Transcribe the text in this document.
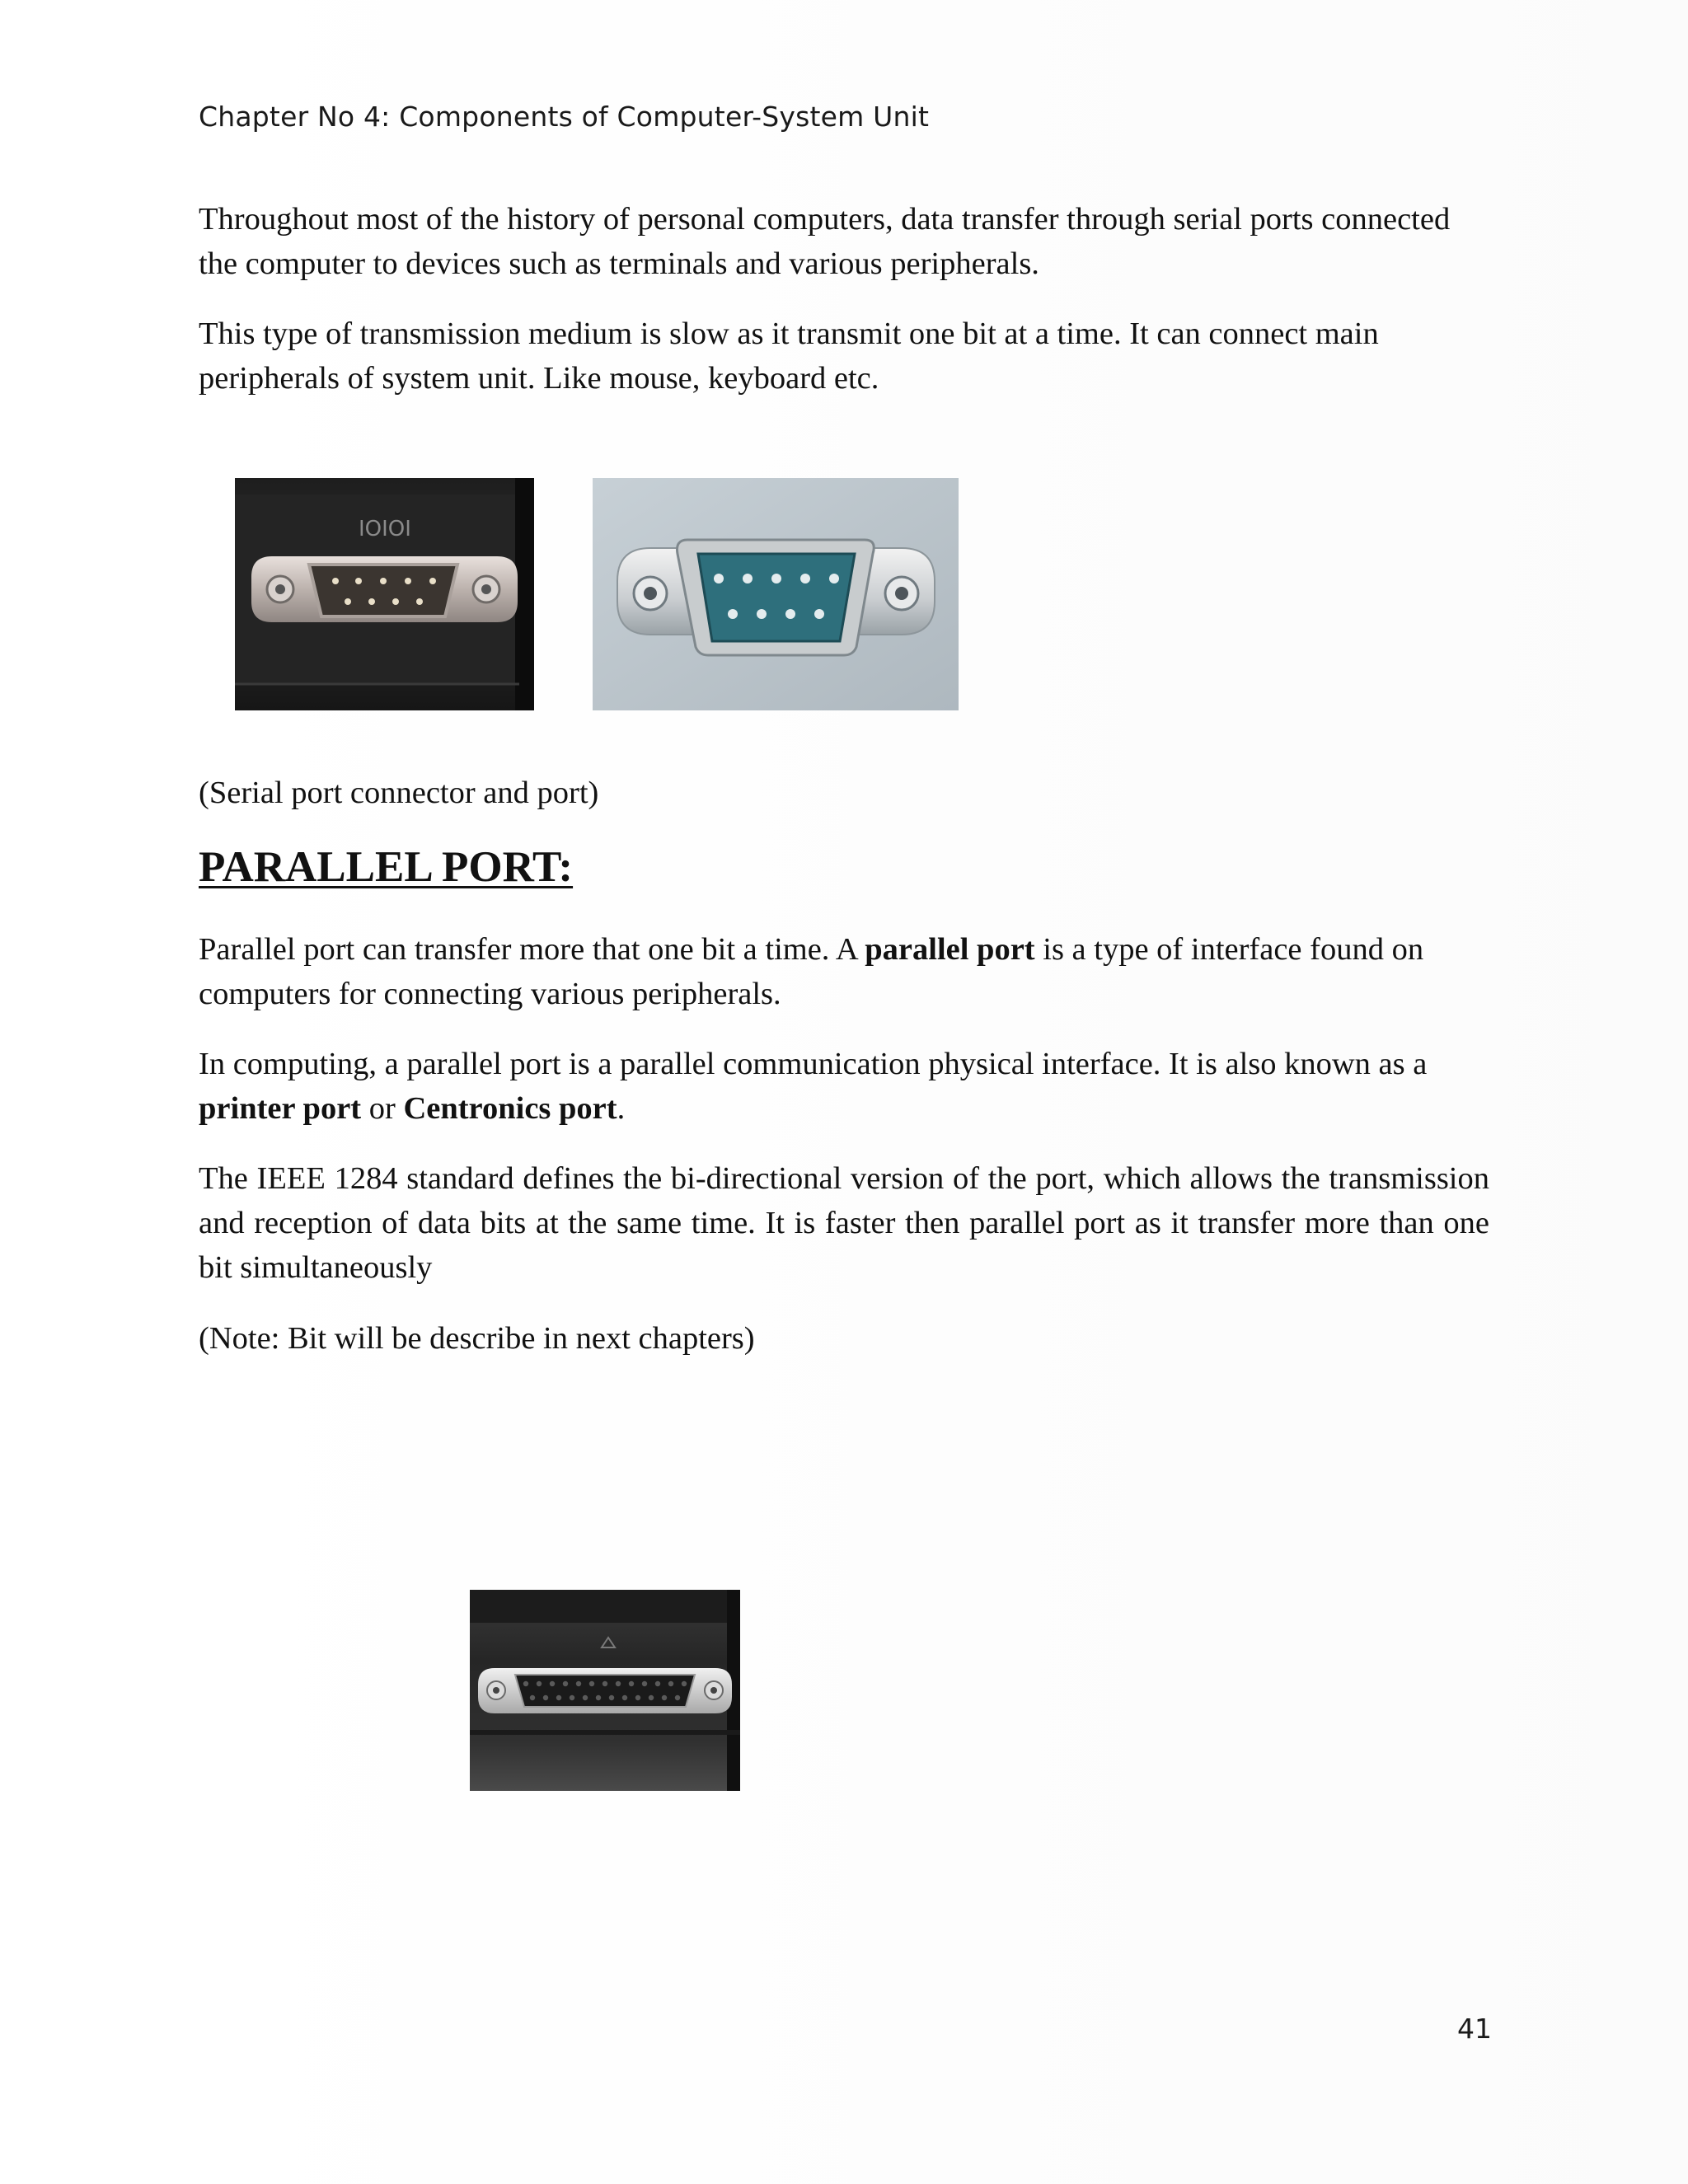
Chapter No 4: Components of Computer-System Unit

Throughout most of the history of personal computers, data transfer through serial ports connected the computer to devices such as terminals and various peripherals.

This type of transmission medium is slow as it transmit one bit at a time. It can connect main peripherals of system unit. Like mouse, keyboard etc.

IOIOI

(Serial port connector and port)

PARALLEL PORT:

Parallel port can transfer more that one bit a time. A parallel port is a type of interface found on computers for connecting various peripherals.

In computing, a parallel port is a parallel communication physical interface. It is also known as a printer port or Centronics port.

The IEEE 1284 standard defines the bi-directional version of the port, which allows the transmission and reception of data bits at the same time. It is faster then parallel port as it transfer more than one bit simultaneously

(Note: Bit will be describe in next chapters)

41
